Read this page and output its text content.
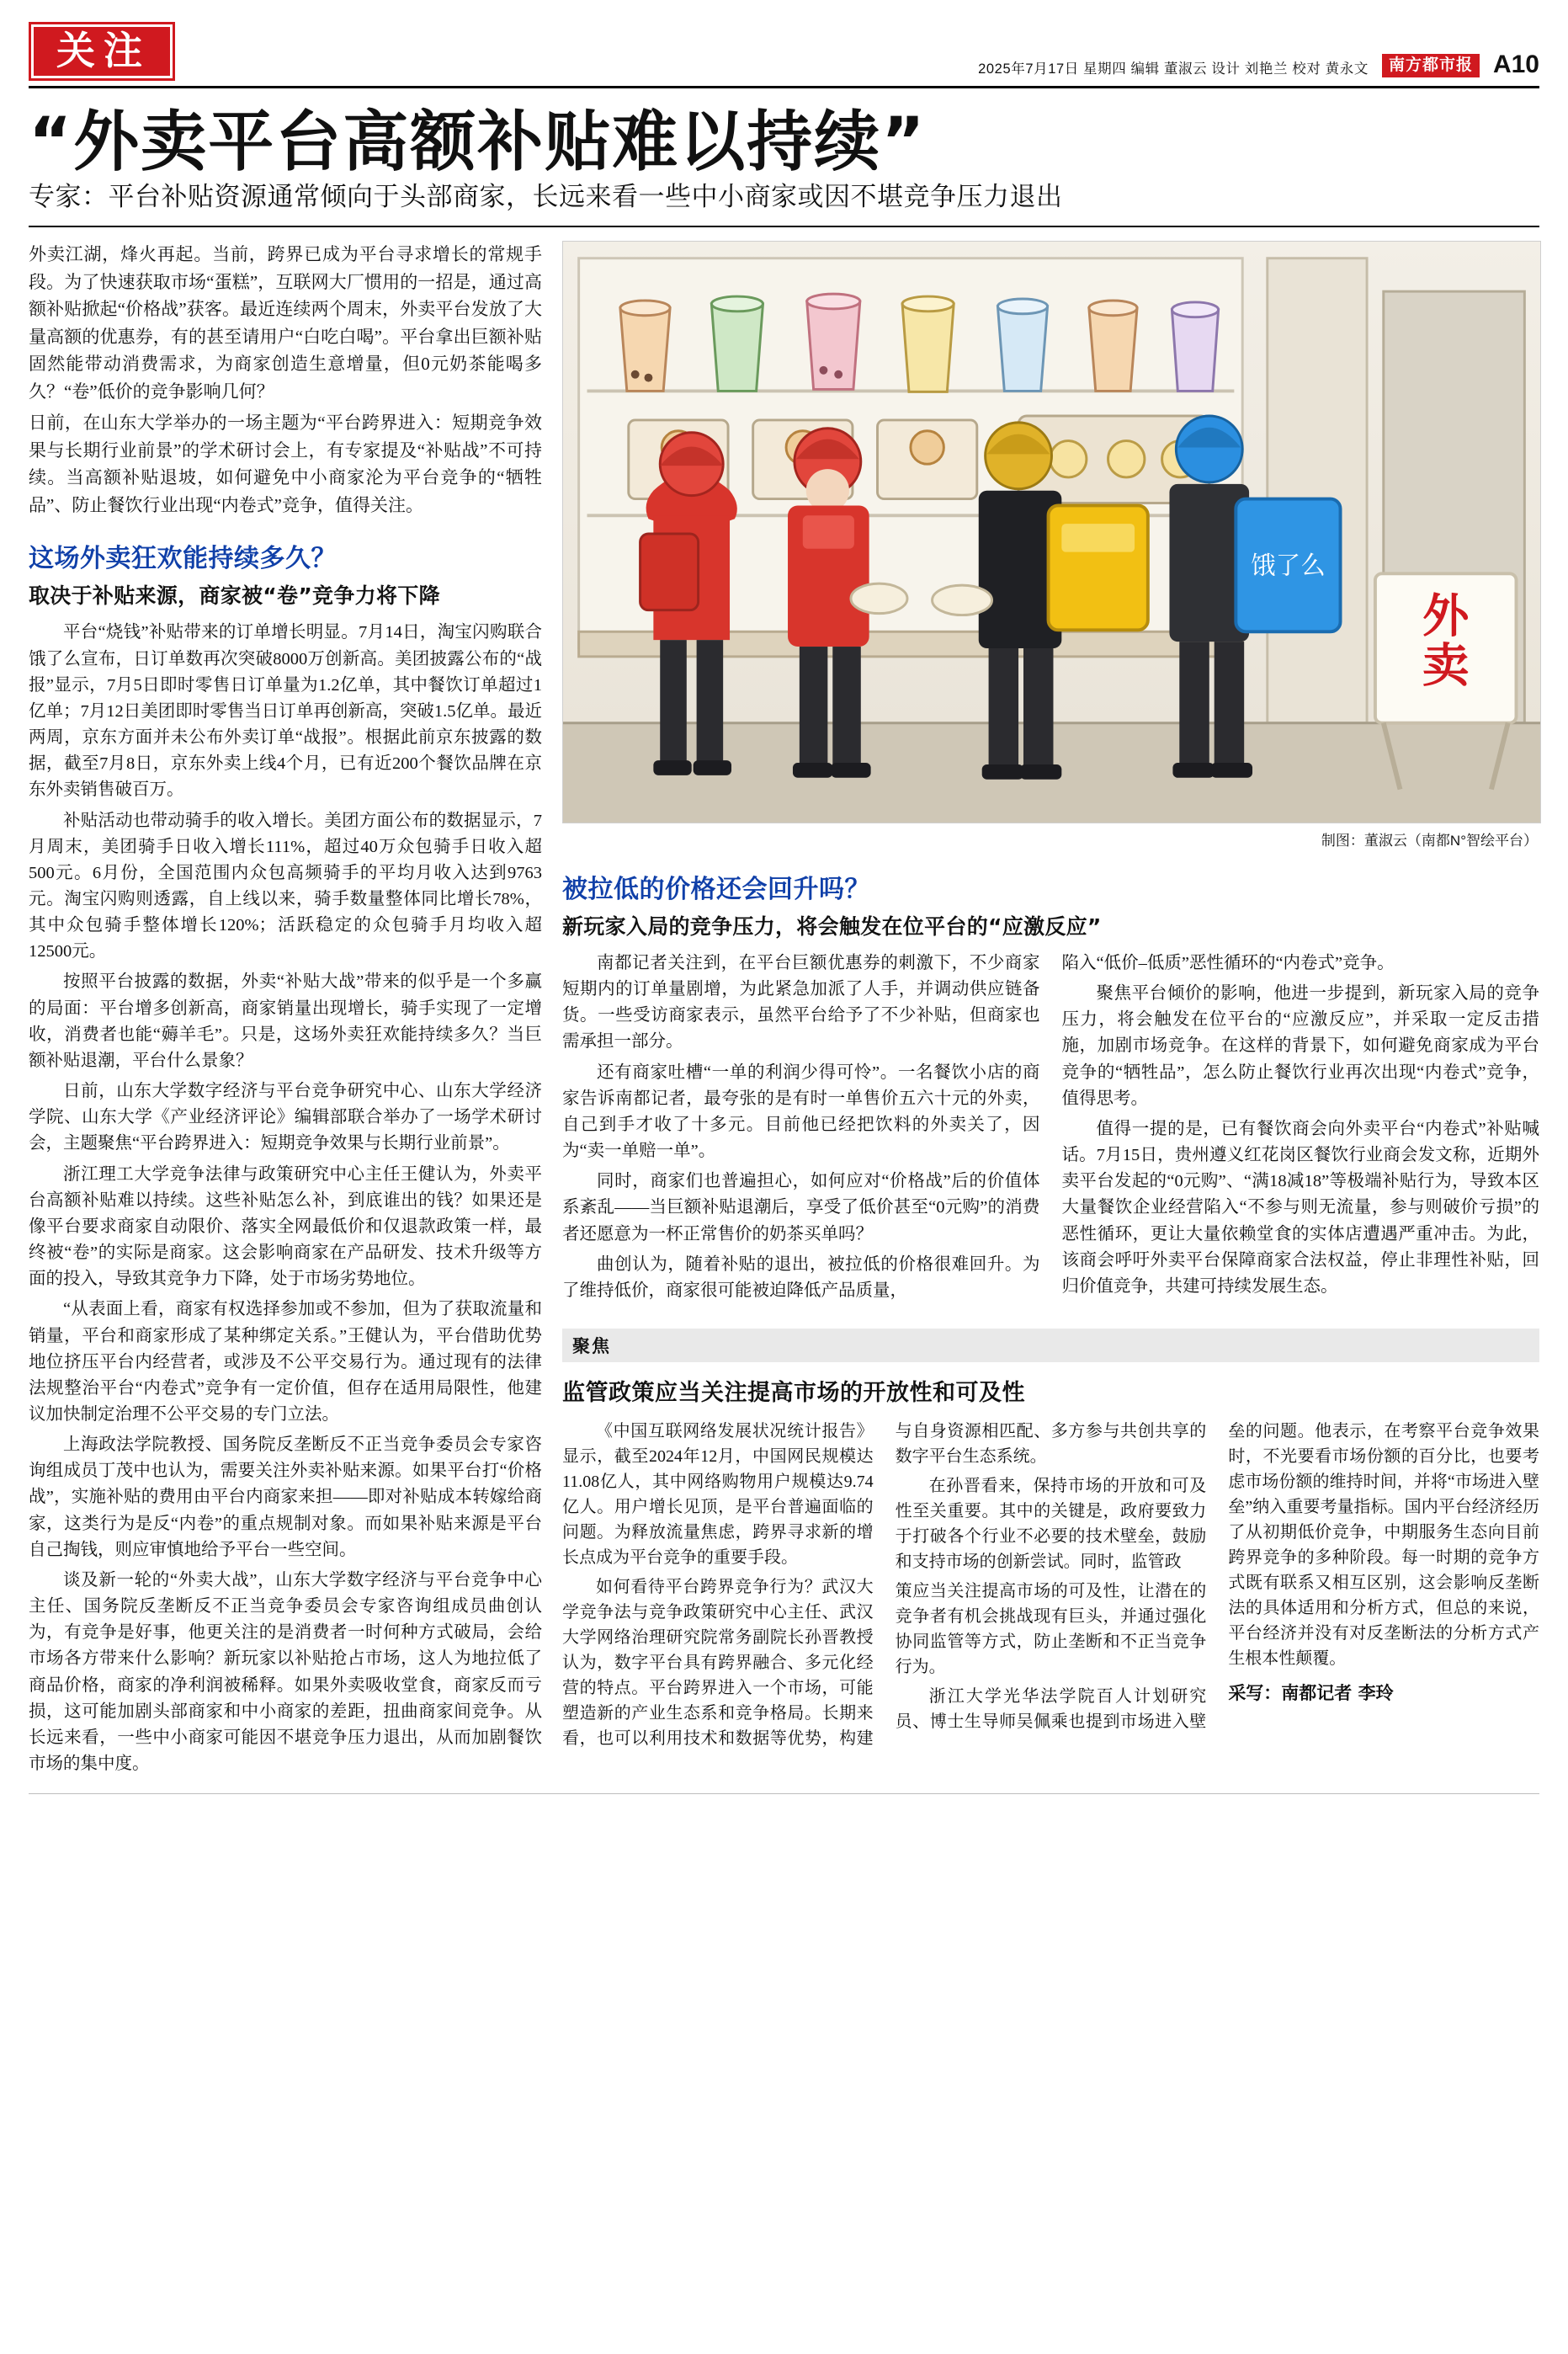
关注	2025年7月17日 星期四 编辑 董淑云 设计 刘艳兰 校对 黄永文	南方都市报 A10
“外卖平台高额补贴难以持续”
专家：平台补贴资源通常倾向于头部商家，长远来看一些中小商家或因不堪竞争压力退出

外卖江湖，烽火再起。当前，跨界已成为平台寻求增长的常规手段。为了快速获取市场“蛋糕”，互联网大厂惯用的一招是，通过高额补贴掀起“价格战”获客。最近连续两个周末，外卖平台发放了大量高额的优惠券，有的甚至请用户“白吃白喝”。平台拿出巨额补贴固然能带动消费需求，为商家创造生意增量，但0元奶茶能喝多久？“卷”低价的竞争影响几何？

日前，在山东大学举办的一场主题为“平台跨界进入：短期竞争效果与长期行业前景”的学术研讨会上，有专家提及“补贴战”不可持续。当高额补贴退坡，如何避免中小商家沦为平台竞争的“牺牲品”、防止餐饮行业出现“内卷式”竞争，值得关注。

这场外卖狂欢能持续多久？
取决于补贴来源，商家被“卷”竞争力将下降

平台“烧钱”补贴带来的订单增长明显。7月14日，淘宝闪购联合饿了么宣布，日订单数再次突破8000万创新高。美团披露公布的“战报”显示，7月5日即时零售日订单量为1.2亿单，其中餐饮订单超过1亿单；7月12日美团即时零售当日订单再创新高，突破1.5亿单。最近两周，京东方面并未公布外卖订单“战报”。根据此前京东披露的数据，截至7月8日，京东外卖上线4个月，已有近200个餐饮品牌在京东外卖销售破百万。

补贴活动也带动骑手的收入增长。美团方面公布的数据显示，7月周末，美团骑手日收入增长111%，超过40万众包骑手日收入超500元。6月份，全国范围内众包高频骑手的平均月收入达到9763元。淘宝闪购则透露，自上线以来，骑手数量整体同比增长78%，其中众包骑手整体增长120%；活跃稳定的众包骑手月均收入超12500元。

按照平台披露的数据，外卖“补贴大战”带来的似乎是一个多赢的局面：平台增多创新高，商家销量出现增长，骑手实现了一定增收，消费者也能“薅羊毛”。只是，这场外卖狂欢能持续多久？当巨额补贴退潮，平台什么景象？

日前，山东大学数字经济与平台竞争研究中心、山东大学经济学院、山东大学《产业经济评论》编辑部联合举办了一场学术研讨会，主题聚焦“平台跨界进入：短期竞争效果与长期行业前景”。

浙江理工大学竞争法律与政策研究中心主任王健认为，外卖平台高额补贴难以持续。这些补贴怎么补，到底谁出的钱？如果还是像平台要求商家自动限价、落实全网最低价和仅退款政策一样，最终被“卷”的实际是商家。这会影响商家在产品研发、技术升级等方面的投入，导致其竞争力下降，处于市场劣势地位。

“从表面上看，商家有权选择参加或不参加，但为了获取流量和销量，平台和商家形成了某种绑定关系。”王健认为，平台借助优势地位挤压平台内经营者，或涉及不公平交易行为。通过现有的法律法规整治平台“内卷式”竞争有一定价值，但存在适用局限性，他建议加快制定治理不公平交易的专门立法。

上海政法学院教授、国务院反垄断反不正当竞争委员会专家咨询组成员丁茂中也认为，需要关注外卖补贴来源。如果平台打“价格战”，实施补贴的费用由平台内商家来担——即对补贴成本转嫁给商家，这类行为是反“内卷”的重点规制对象。而如果补贴来源是平台自己掏钱，则应审慎地给予平台一些空间。

谈及新一轮的“外卖大战”，山东大学数字经济与平台竞争中心主任、国务院反垄断反不正当竞争委员会专家咨询组成员曲创认为，有竞争是好事，他更关注的是消费者一时何种方式破局，会给市场各方带来什么影响？新玩家以补贴抢占市场，这人为地拉低了商品价格，商家的净利润被稀释。如果外卖吸收堂食，商家反而亏损，这可能加剧头部商家和中小商家的差距，扭曲商家间竞争。从长远来看，一些中小商家可能因不堪竞争压力退出，从而加剧餐饮市场的集中度。

饿了么
外
卖
制图：董淑云（南都N°智绘平台）
被拉低的价格还会回升吗？
新玩家入局的竞争压力，将会触发在位平台的“应激反应”

南都记者关注到，在平台巨额优惠券的刺激下，不少商家短期内的订单量剧增，为此紧急加派了人手，并调动供应链备货。一些受访商家表示，虽然平台给予了不少补贴，但商家也需承担一部分。

还有商家吐槽“一单的利润少得可怜”。一名餐饮小店的商家告诉南都记者，最夸张的是有时一单售价五六十元的外卖，自己到手才收了十多元。目前他已经把饮料的外卖关了，因为“卖一单赔一单”。

同时，商家们也普遍担心，如何应对“价格战”后的价值体系紊乱——当巨额补贴退潮后，享受了低价甚至“0元购”的消费者还愿意为一杯正常售价的奶茶买单吗？

曲创认为，随着补贴的退出，被拉低的价格很难回升。为了维持低价，商家很可能被迫降低产品质量，

陷入“低价–低质”恶性循环的“内卷式”竞争。

聚焦平台倾价的影响，他进一步提到，新玩家入局的竞争压力，将会触发在位平台的“应激反应”，并采取一定反击措施，加剧市场竞争。在这样的背景下，如何避免商家成为平台竞争的“牺牲品”，怎么防止餐饮行业再次出现“内卷式”竞争，值得思考。

值得一提的是，已有餐饮商会向外卖平台“内卷式”补贴喊话。7月15日，贵州遵义红花岗区餐饮行业商会发文称，近期外卖平台发起的“0元购”、“满18减18”等极端补贴行为，导致本区大量餐饮企业经营陷入“不参与则无流量，参与则破价亏损”的恶性循环，更让大量依赖堂食的实体店遭遇严重冲击。为此，该商会呼吁外卖平台保障商家合法权益，停止非理性补贴，回归价值竞争，共建可持续发展生态。

聚焦
监管政策应当关注提高市场的开放性和可及性

《中国互联网络发展状况统计报告》显示，截至2024年12月，中国网民规模达11.08亿人，其中网络购物用户规模达9.74亿人。用户增长见顶，是平台普遍面临的问题。为释放流量焦虑，跨界寻求新的增长点成为平台竞争的重要手段。

如何看待平台跨界竞争行为？武汉大学竞争法与竞争政策研究中心主任、武汉大学网络治理研究院常务副院长孙晋教授认为，数字平台具有跨界融合、多元化经营的特点。平台跨界进入一个市场，可能塑造新的产业生态系和竞争格局。长期来看，也可以利用技术和数据等优势，构建与自身资源相匹配、多方参与共创共享的数字平台生态系统。

在孙晋看来，保持市场的开放和可及性至关重要。其中的关键是，政府要致力于打破各个行业不必要的技术壁垒，鼓励和支持市场的创新尝试。同时，监管政

策应当关注提高市场的可及性，让潜在的竞争者有机会挑战现有巨头，并通过强化协同监管等方式，防止垄断和不正当竞争行为。

浙江大学光华法学院百人计划研究员、博士生导师吴佩乘也提到市场进入壁垒的问题。他表示，在考察平台竞争效果时，不光要看市场份额的百分比，也要考虑市场份额的维持时间，并将“市场进入壁垒”纳入重要考量指标。国内平台经济经历了从初期低价竞争，中期服务生态向目前跨界竞争的多种阶段。每一时期的竞争方式既有联系又相互区别，这会影响反垄断法的具体适用和分析方式，但总的来说，平台经济并没有对反垄断法的分析方式产生根本性颠覆。

采写：南都记者 李玲
